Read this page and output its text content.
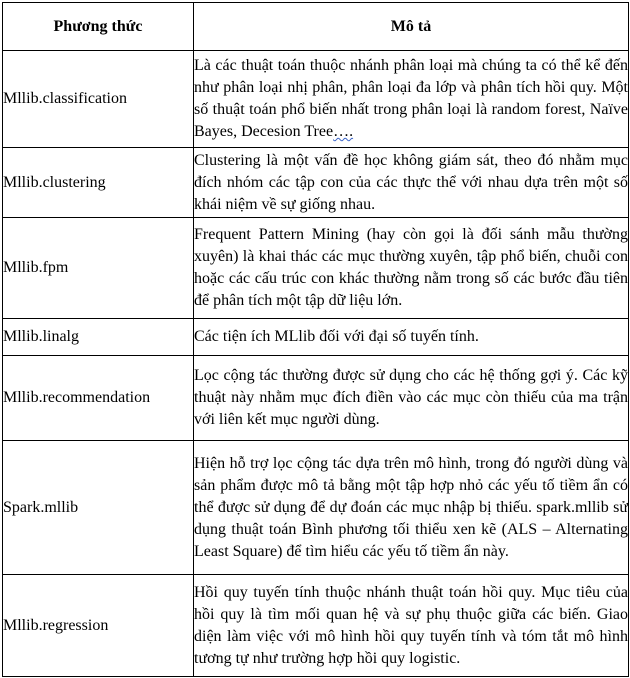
Phương thức	Mô tả
Mllib.classification	Là các thuật toán thuộc nhánh phân loại mà chúng ta có thể kể đến như phân loại nhị phân, phân loại đa lớp và phân tích hồi quy. Một số thuật toán phổ biến nhất trong phân loại là random forest, Naïve Bayes, Decesion Tree….
Mllib.clustering	Clustering là một vấn đề học không giám sát, theo đó nhằm mục đích nhóm các tập con của các thực thể với nhau dựa trên một số khái niệm về sự giống nhau.
Mllib.fpm	Frequent Pattern Mining (hay còn gọi là đối sánh mẫu thường xuyên) là khai thác các mục thường xuyên, tập phổ biến, chuỗi con hoặc các cấu trúc con khác thường nằm trong số các bước đầu tiên để phân tích một tập dữ liệu lớn.
Mllib.linalg	Các tiện ích MLlib đối với đại số tuyến tính.
Mllib.recommendation	Lọc cộng tác thường được sử dụng cho các hệ thống gợi ý. Các kỹ thuật này nhằm mục đích điền vào các mục còn thiếu của ma trận với liên kết mục người dùng.
Spark.mllib	Hiện hỗ trợ lọc cộng tác dựa trên mô hình, trong đó người dùng và sản phẩm được mô tả bằng một tập hợp nhỏ các yếu tố tiềm ẩn có thể được sử dụng để dự đoán các mục nhập bị thiếu. spark.mllib sử dụng thuật toán Bình phương tối thiểu xen kẽ (ALS – Alternating Least Square) để tìm hiểu các yếu tố tiềm ẩn này.
Mllib.regression	Hồi quy tuyến tính thuộc nhánh thuật toán hồi quy. Mục tiêu của hồi quy là tìm mối quan hệ và sự phụ thuộc giữa các biến. Giao diện làm việc với mô hình hồi quy tuyến tính và tóm tắt mô hình tương tự như trường hợp hồi quy logistic.
